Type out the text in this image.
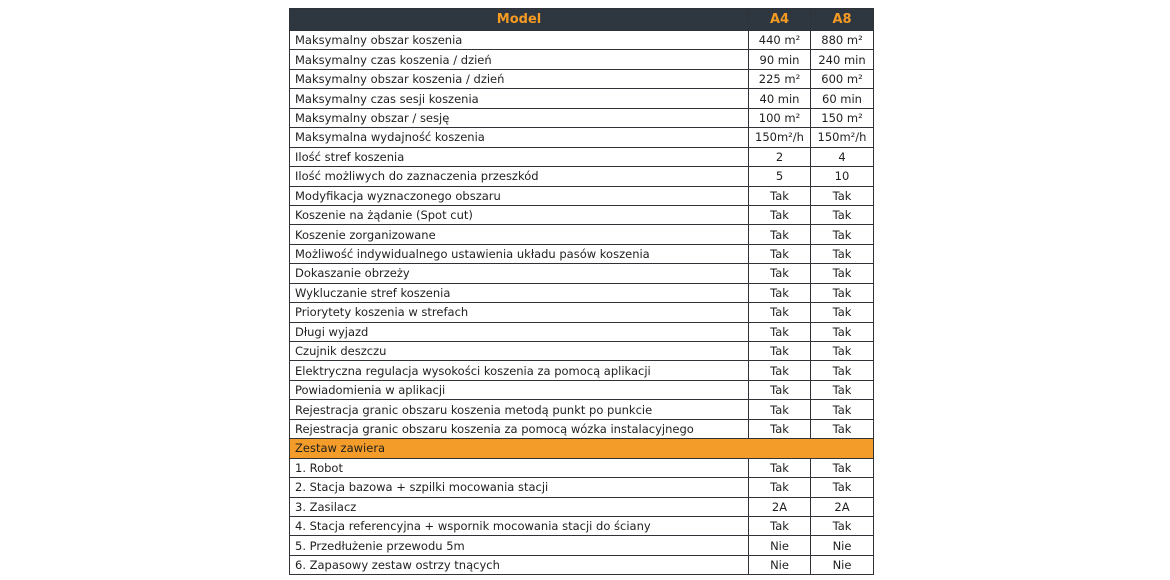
Model	A4	A8
Maksymalny obszar koszenia	440 m²	880 m²
Maksymalny czas koszenia / dzień	90 min	240 min
Maksymalny obszar koszenia / dzień	225 m²	600 m²
Maksymalny czas sesji koszenia	40 min	60 min
Maksymalny obszar / sesję	100 m²	150 m²
Maksymalna wydajność koszenia	150m²/h	150m²/h
Ilość stref koszenia	2	4
Ilość możliwych do zaznaczenia przeszkód	5	10
Modyfikacja wyznaczonego obszaru	Tak	Tak
Koszenie na żądanie (Spot cut)	Tak	Tak
Koszenie zorganizowane	Tak	Tak
Możliwość indywidualnego ustawienia układu pasów koszenia	Tak	Tak
Dokaszanie obrzeży	Tak	Tak
Wykluczanie stref koszenia	Tak	Tak
Priorytety koszenia w strefach	Tak	Tak
Długi wyjazd	Tak	Tak
Czujnik deszczu	Tak	Tak
Elektryczna regulacja wysokości koszenia za pomocą aplikacji	Tak	Tak
Powiadomienia w aplikacji	Tak	Tak
Rejestracja granic obszaru koszenia metodą punkt po punkcie	Tak	Tak
Rejestracja granic obszaru koszenia za pomocą wózka instalacyjnego	Tak	Tak
Zestaw zawiera		
1. Robot	Tak	Tak
2. Stacja bazowa + szpilki mocowania stacji	Tak	Tak
3. Zasilacz	2A	2A
4. Stacja referencyjna + wspornik mocowania stacji do ściany	Tak	Tak
5. Przedłużenie przewodu 5m	Nie	Nie
6. Zapasowy zestaw ostrzy tnących	Nie	Nie
